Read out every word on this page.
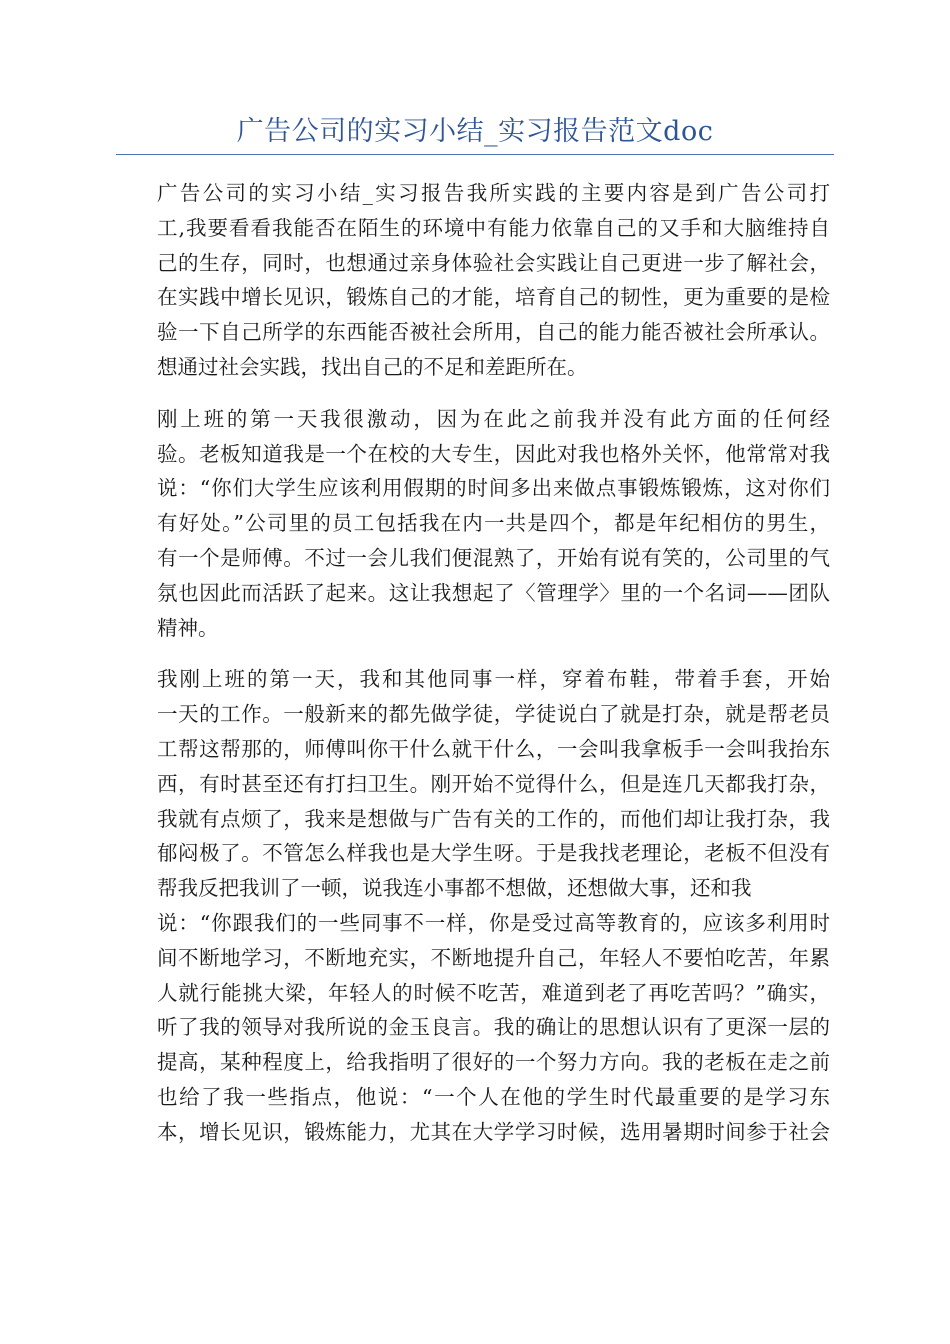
广告公司的实习小结_实习报告范文doc
广告公司的实习小结_实习报告我所实践的主要内容是到广告公司打
工,我要看看我能否在陌生的环境中有能力依靠自己的又手和大脑维持自
己的生存，同时，也想通过亲身体验社会实践让自己更进一步了解社会，
在实践中增长见识，锻炼自己的才能，培育自己的韧性，更为重要的是检
验一下自己所学的东西能否被社会所用，自己的能力能否被社会所承认。
想通过社会实践，找出自己的不足和差距所在。
刚上班的第一天我很激动，因为在此之前我并没有此方面的任何经
验。老板知道我是一个在校的大专生，因此对我也格外关怀，他常常对我
说：“你们大学生应该利用假期的时间多出来做点事锻炼锻炼，这对你们
有好处。”公司里的员工包括我在内一共是四个，都是年纪相仿的男生，
有一个是师傅。不过一会儿我们便混熟了，开始有说有笑的，公司里的气
氛也因此而活跃了起来。这让我想起了〈管理学〉里的一个名词——团队
精神。
我刚上班的第一天，我和其他同事一样，穿着布鞋，带着手套，开始
一天的工作。一般新来的都先做学徒，学徒说白了就是打杂，就是帮老员
工帮这帮那的，师傅叫你干什么就干什么，一会叫我拿板手一会叫我抬东
西，有时甚至还有打扫卫生。刚开始不觉得什么，但是连几天都我打杂，
我就有点烦了，我来是想做与广告有关的工作的，而他们却让我打杂，我
郁闷极了。不管怎么样我也是大学生呀。于是我找老理论，老板不但没有
帮我反把我训了一顿，说我连小事都不想做，还想做大事，还和我
说：“你跟我们的一些同事不一样，你是受过高等教育的，应该多利用时
间不断地学习，不断地充实，不断地提升自己，年轻人不要怕吃苦，年累
人就行能挑大梁，年轻人的时候不吃苦，难道到老了再吃苦吗？”确实，
听了我的领导对我所说的金玉良言。我的确让的思想认识有了更深一层的
提高，某种程度上，给我指明了很好的一个努力方向。我的老板在走之前
也给了我一些指点，他说：“一个人在他的学生时代最重要的是学习东
本，增长见识，锻炼能力，尤其在大学学习时候，选用暑期时间参于社会
